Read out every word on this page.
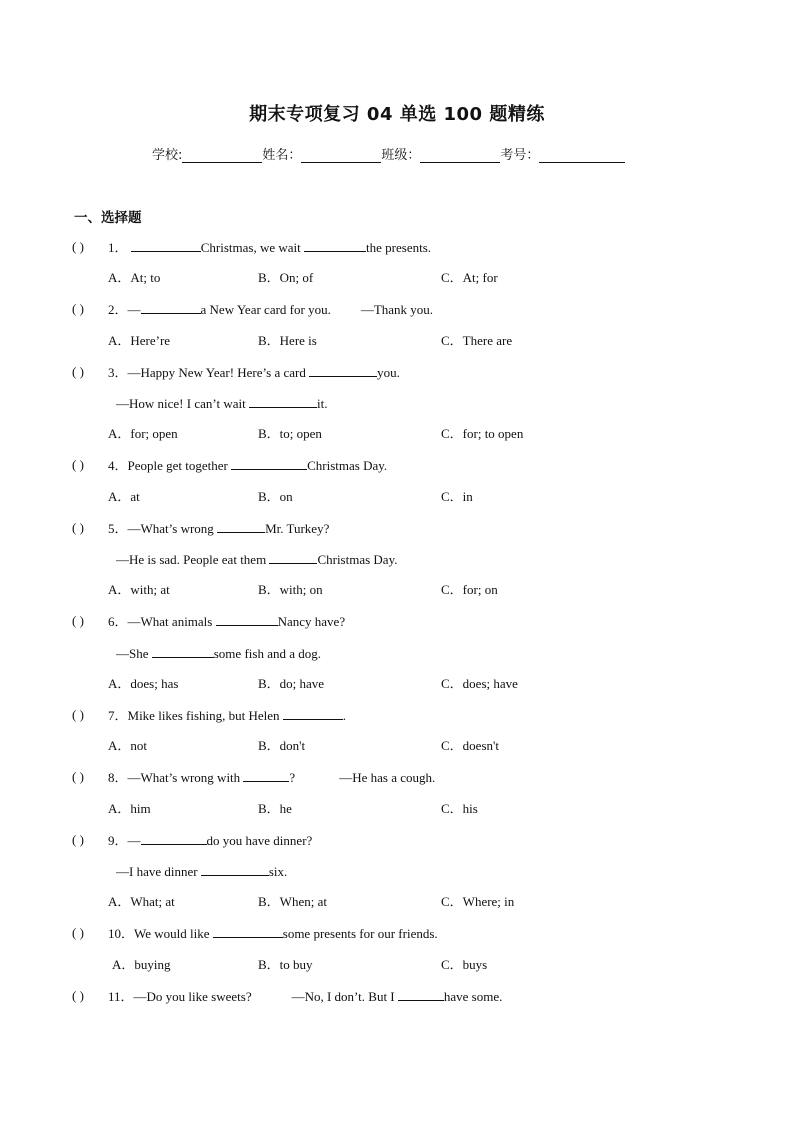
期末专项复习 04 单选 100 题精练
学校:	姓名：	班级：	考号：
一、选择题
( ) 1．	Christmas, we wait	the presents.
A．At; to	B．On; of	C．At; for
( ) 2．—	a New Year card for you. —Thank you.
A．Here’re	B．Here is	C．There are
( ) 3．—Happy New Year! Here’s a card	you.
—How nice! I can’t wait	it.
A．for; open	B．to; open	C．for; to open
( ) 4．People get together	Christmas Day.
A．at	B．on	C．in
( ) 5．—What’s wrong	Mr. Turkey?
—He is sad. People eat them	Christmas Day.
A．with; at	B．with; on	C．for; on
( ) 6．—What animals	Nancy have?
—She	some fish and a dog.
A．does; has	B．do; have	C．does; have
( ) 7．Mike likes fishing, but Helen	.
A．not	B．don't	C．doesn't
( ) 8．—What’s wrong with	?	—He has a cough.
A．him	B．he	C．his
( ) 9．—	do you have dinner?
—I have dinner	six.
A．What; at	B．When; at	C．Where; in
( ) 10．We would like	some presents for our friends.
A．buying	B．to buy	C．buys
( ) 11．—Do you like sweets?	—No, I don’t. But I	have some.
